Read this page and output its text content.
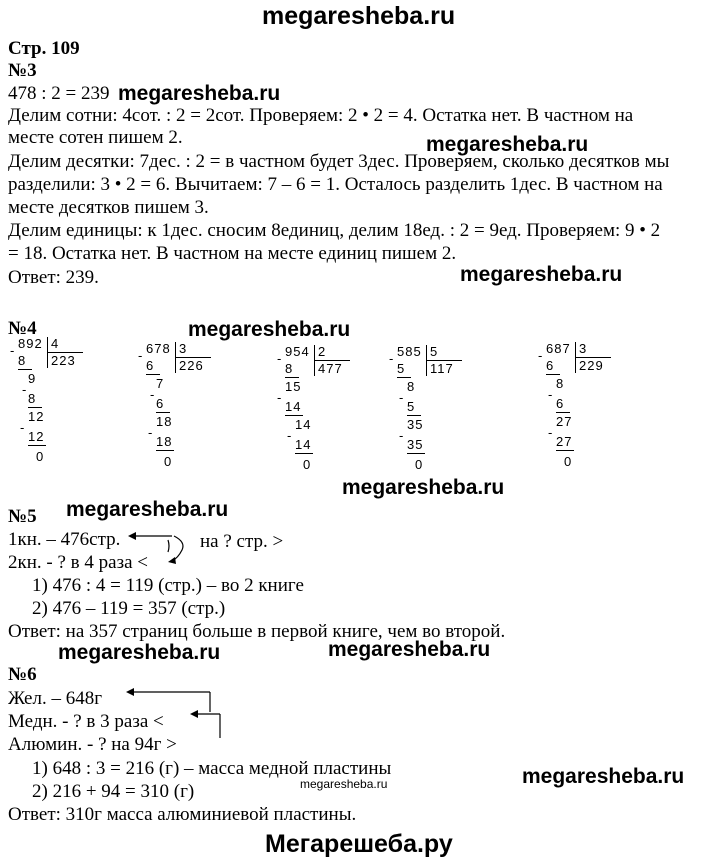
megaresheba.ru
Стр. 109
№3
478 : 2 = 239 megaresheba.ru
Делим сотни: 4сот. : 2 = 2сот. Проверяем: 2 • 2 = 4. Остатка нет. В частном на
месте сотен пишем 2.	megaresheba.ru
Делим десятки: 7дес. : 2 = в частном будет 3дес. Проверяем, сколько десятков мы
разделили: 3 • 2 = 6. Вычитаем: 7 – 6 = 1. Осталось разделить 1дес. В частном на
месте десятков пишем 3.
Делим единицы: к 1дес. сносим 8единиц, делим 18ед. : 2 = 9ед. Проверяем: 9 • 2
= 18. Остатка нет. В частном на месте единиц пишем 2.
megaresheba.ru
Ответ: 239.
№4	megaresheba.ru
892 4
223
-
8
9
-
8
12
-
12
0
678 3
226
-
6
7
-
6
18
-
18
0
954 2
477
-
8
15
-
14
14
-
14
0
585 5
117
-
5
8
-
5
35
-
35
0
687 3
229
-
6
8
-
6
27
-
27
0
megaresheba.ru
№5 megaresheba.ru
1кн. – 476стр.	на ? стр. >
2кн. - ? в 4 раза <
1) 476 : 4 = 119 (стр.) – во 2 книге
2) 476 – 119 = 357 (стр.)
Ответ: на 357 страниц больше в первой книге, чем во второй.
megaresheba.ru	megaresheba.ru
№6
Жел. – 648г
Медн. - ? в 3 раза <
Алюмин. - ? на 94г >
1) 648 : 3 = 216 (г) – масса медной пластины
megaresheba.ru
2) 216 + 94 = 310 (г)
megaresheba.ru
Ответ: 310г масса алюминиевой пластины.
Мегарешеба.ру
